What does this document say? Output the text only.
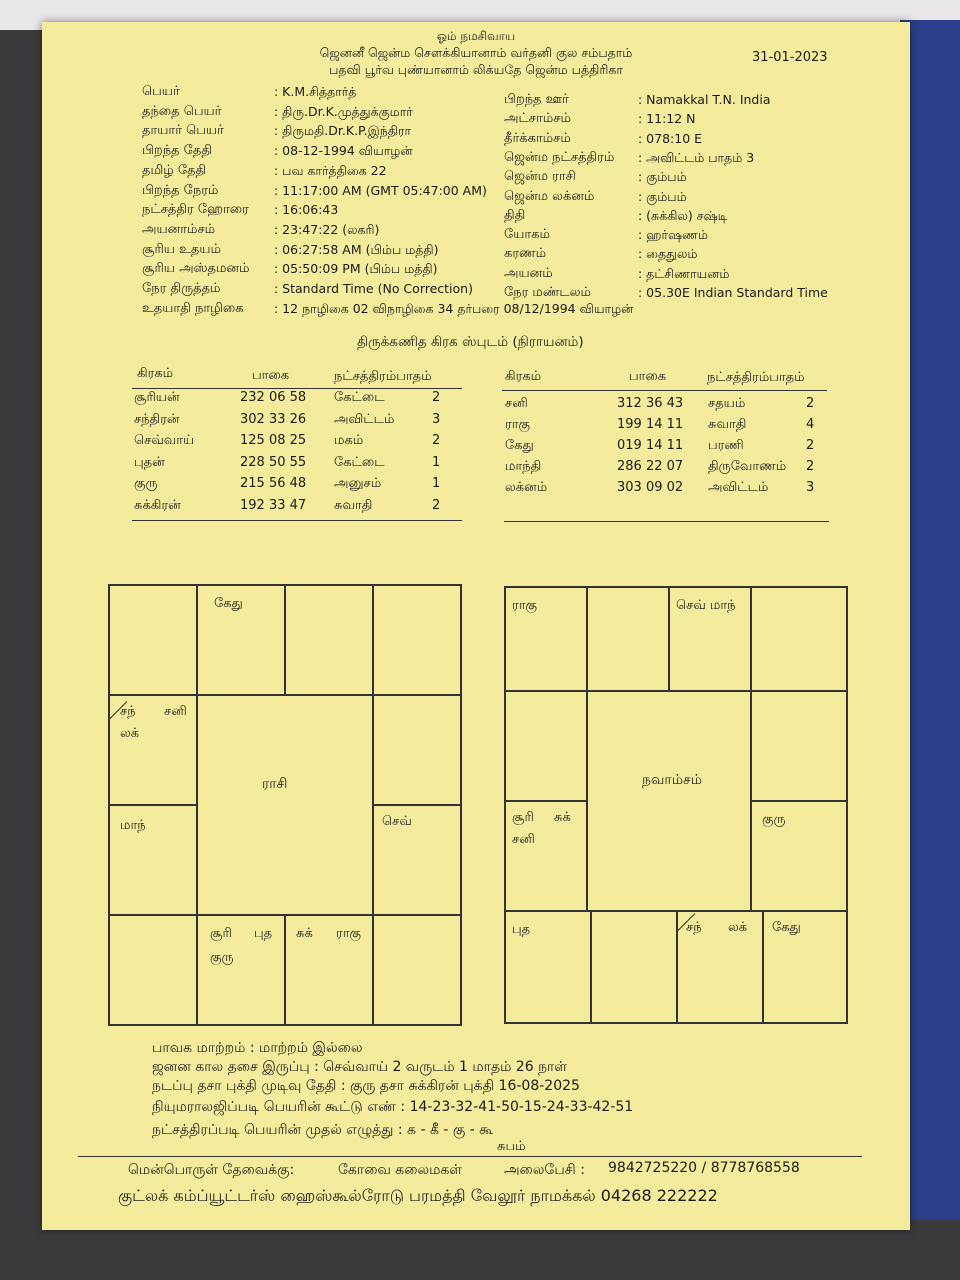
ஓம் நமசிவாய
ஜெனனீ ஜென்ம சௌக்கியானாம் வர்தனி குல சம்பதாம்
பதவி பூர்வ புண்யானாம் லிக்யதே ஜென்ம பத்திரிகா
31-01-2023
பெயர்	: K.M.சித்தார்த்
தந்தை பெயர்	: திரு.Dr.K.முத்துக்குமார்
தாயார் பெயர்	: திருமதி.Dr.K.P.இந்திரா
பிறந்த தேதி	: 08-12-1994 வியாழன்
தமிழ் தேதி	: பவ கார்த்திகை 22
பிறந்த நேரம்	: 11:17:00 AM (GMT 05:47:00 AM)
நட்சத்திர ஹோரை : 16:06:43
அயனாம்சம்	: 23:47:22 (லகரி)
சூரிய உதயம்	: 06:27:58 AM (பிம்ப மத்தி)
சூரிய அஸ்தமனம் : 05:50:09 PM (பிம்ப மத்தி)
நேர திருத்தம்	: Standard Time (No Correction)
உதயாதி நாழிகை : 12 நாழிகை 02 விநாழிகை 34 தர்பரை 08/12/1994 வியாழன்
பிறந்த ஊர்	: Namakkal T.N. India
அட்சாம்சம்	: 11:12 N
தீர்க்காம்சம்	: 078:10 E
ஜென்ம நட்சத்திரம் : அவிட்டம் பாதம் 3
ஜென்ம ராசி	: கும்பம்
ஜென்ம லக்னம்	: கும்பம்
திதி	: (சுக்கில) சஷ்டி
யோகம்	: ஹர்ஷணம்
கரணம்	: தைதுலம்
அயனம்	: தட்சிணாயனம்
நேர மண்டலம்	: 05.30E Indian Standard Time
திருக்கணித கிரக ஸ்புடம் (நிராயனம்)
கிரகம்	பாகை	நட்சத்திரம்பாதம்	கிரகம்	பாகை	நட்சத்திரம்பாதம்
சூரியன்	232 06 58 கேட்டை	2
சந்திரன்	302 33 26 அவிட்டம்	3
செவ்வாய்	125 08 25 மகம்	2
புதன்	228 50 55 கேட்டை	1
குரு	215 56 48 அனுசம்	1
சுக்கிரன்	192 33 47 சுவாதி	2
சனி	312 36 43 சதயம்	2
ராகு	199 14 11 சுவாதி	4
கேது	019 14 11 பரணி	2
மாந்தி	286 22 07 திருவோணம் 2
லக்னம்	303 09 02 அவிட்டம்	3
கேது
சந் சனி
லக்
மாந்
ராசி
செவ்
சூரி புத
குரு
சுக் ராகு
ராகு	செவ் மாந்
சூரி சுக்
சனி
நவாம்சம்
குரு
புத	சந் லக் கேது
பாவக மாற்றம் : மாற்றம் இல்லை
ஜனன கால தசை இருப்பு : செவ்வாய் 2 வருடம் 1 மாதம் 26 நாள்
நடப்பு தசா புக்தி முடிவு தேதி : குரு தசா சுக்கிரன் புக்தி 16-08-2025
நியுமராலஜிப்படி பெயரின் கூட்டு எண் : 14-23-32-41-50-15-24-33-42-51
நட்சத்திரப்படி பெயரின் முதல் எழுத்து : க - கீ - கு - கூ
சுபம்
மென்பொருள் தேவைக்கு:	கோவை கலைமகள்	அலைபேசி : 9842725220 / 8778768558
குட்லக் கம்ப்யூட்டர்ஸ் ஹைஸ்கூல்ரோடு பரமத்தி வேலூர் நாமக்கல் 04268 222222
